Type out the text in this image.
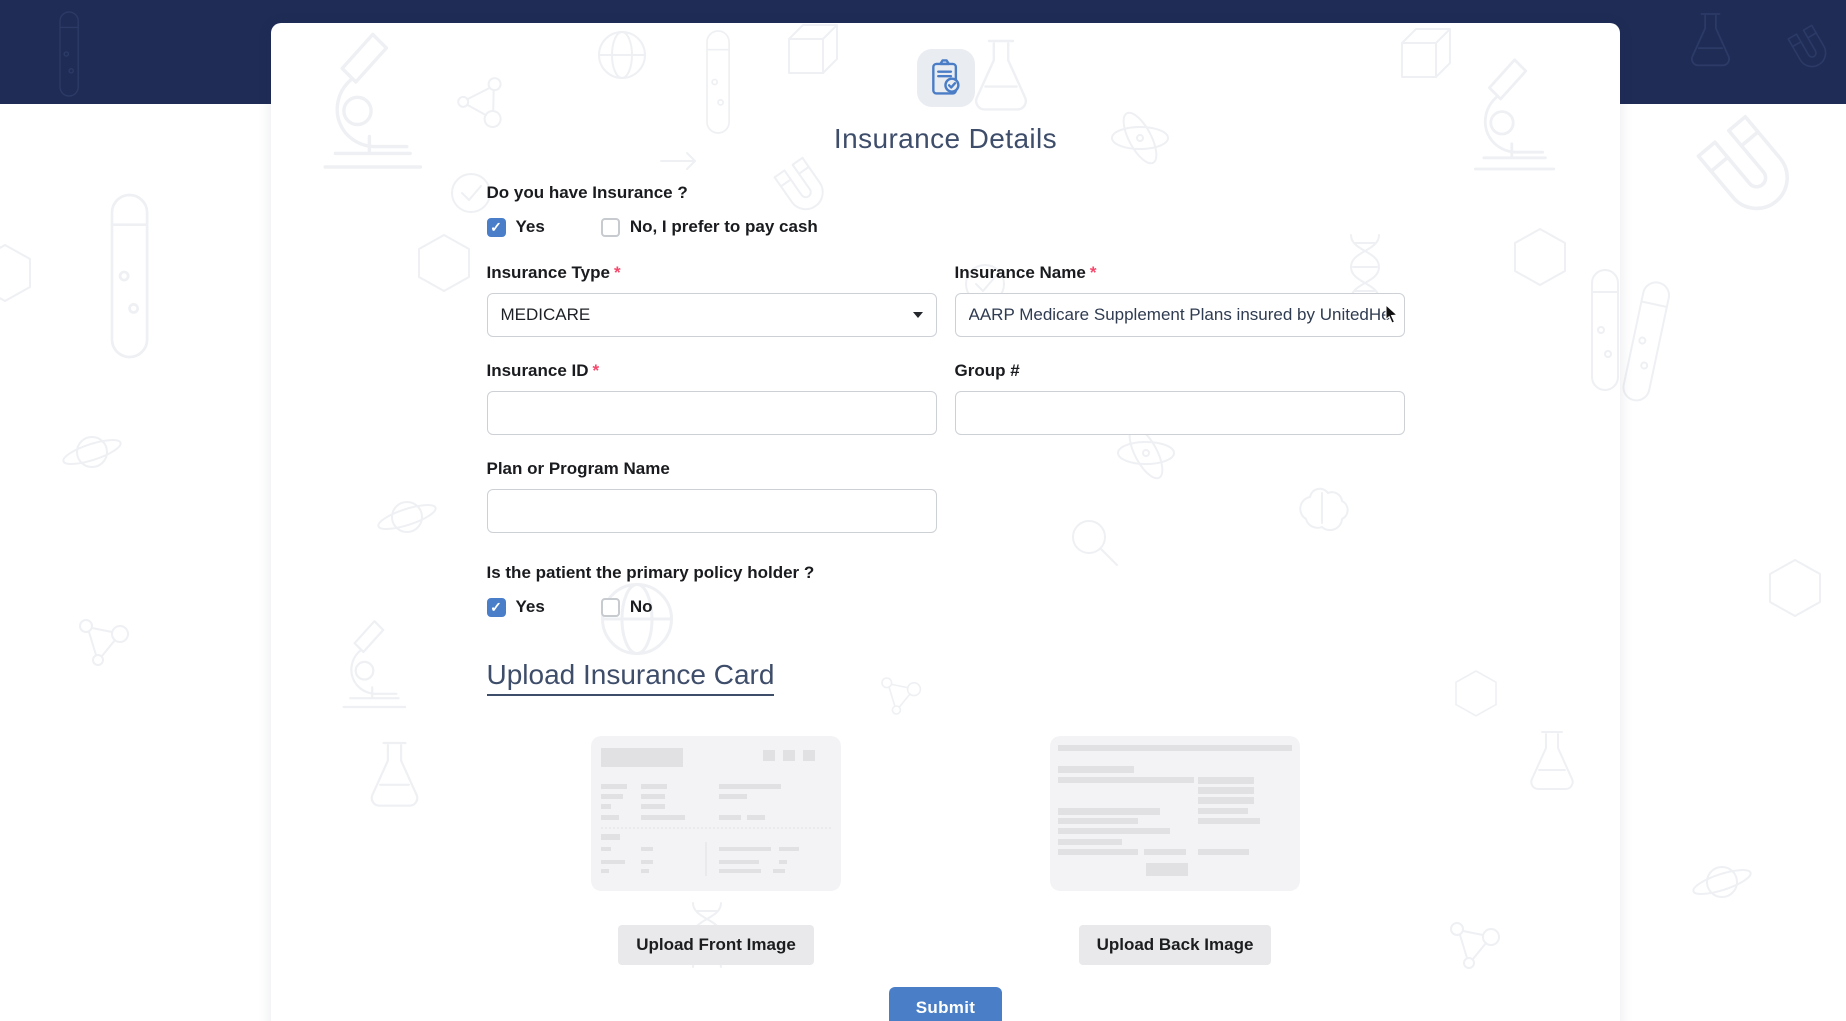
Insurance Details
Do you have Insurance ?
✓
Yes	No, I prefer to pay cash
Insurance Type *
MEDICARE
Insurance Name *
AARP Medicare Supplement Plans insured by UnitedHealt
Insurance ID *	Group #
Plan or Program Name
Is the patient the primary policy holder ?
✓
Yes	No
Upload Insurance Card
Upload Front Image	Upload Back Image
Submit
